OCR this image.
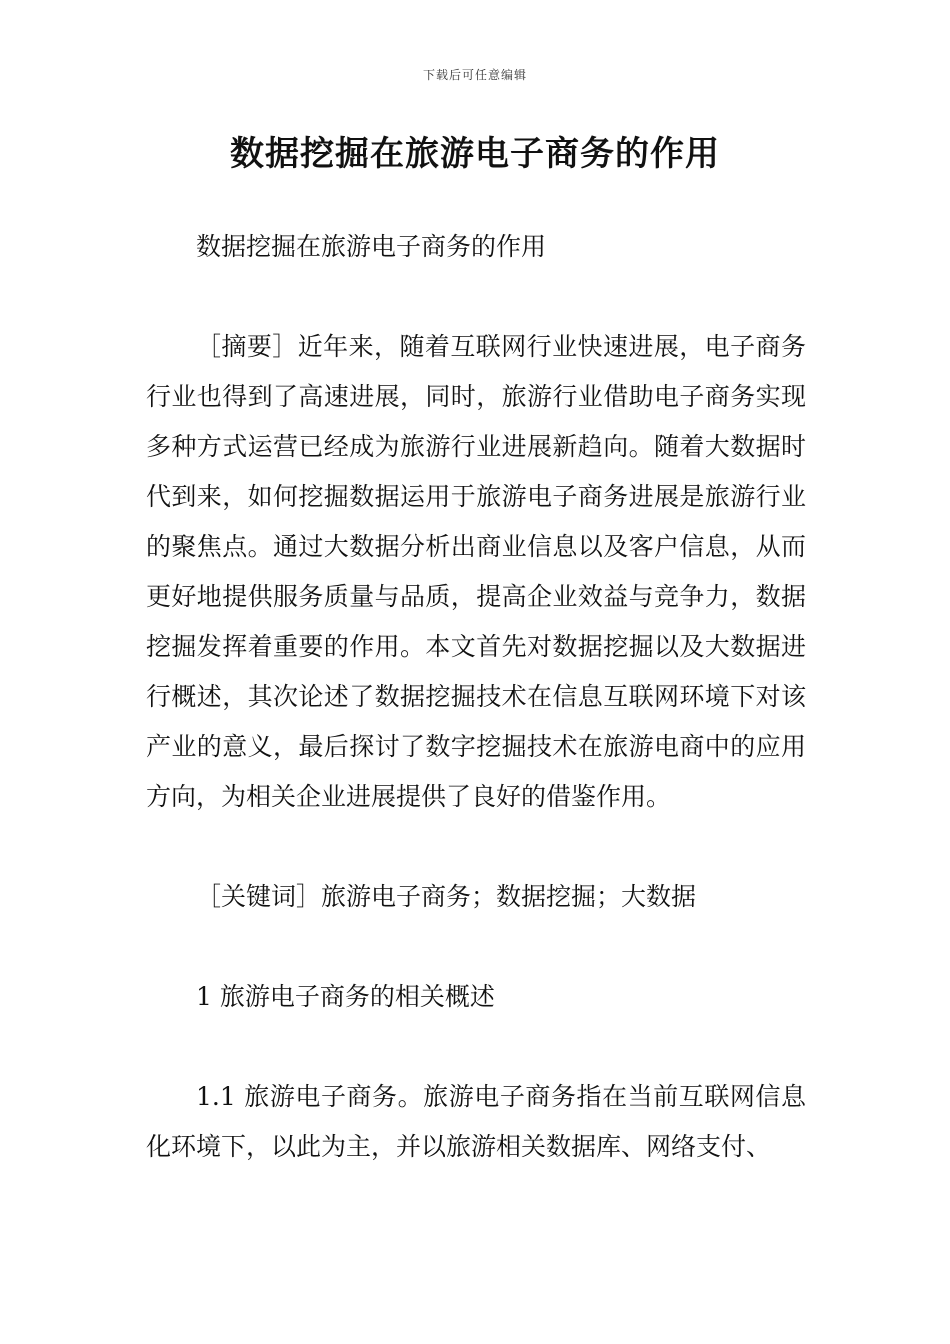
下载后可任意编辑
数据挖掘在旅游电子商务的作用

数据挖掘在旅游电子商务的作用

［摘要］近年来，随着互联网行业快速进展，电子商务行业也得到了高速进展，同时，旅游行业借助电子商务实现多种方式运营已经成为旅游行业进展新趋向。随着大数据时代到来，如何挖掘数据运用于旅游电子商务进展是旅游行业的聚焦点。通过大数据分析出商业信息以及客户信息，从而更好地提供服务质量与品质，提高企业效益与竞争力，数据挖掘发挥着重要的作用。本文首先对数据挖掘以及大数据进行概述，其次论述了数据挖掘技术在信息互联网环境下对该产业的意义，最后探讨了数字挖掘技术在旅游电商中的应用方向，为相关企业进展提供了良好的借鉴作用。

［关键词］旅游电子商务；数据挖掘；大数据

1 旅游电子商务的相关概述

1.1 旅游电子商务。旅游电子商务指在当前互联网信息化环境下，以此为主，并以旅游相关数据库、网络支付、
